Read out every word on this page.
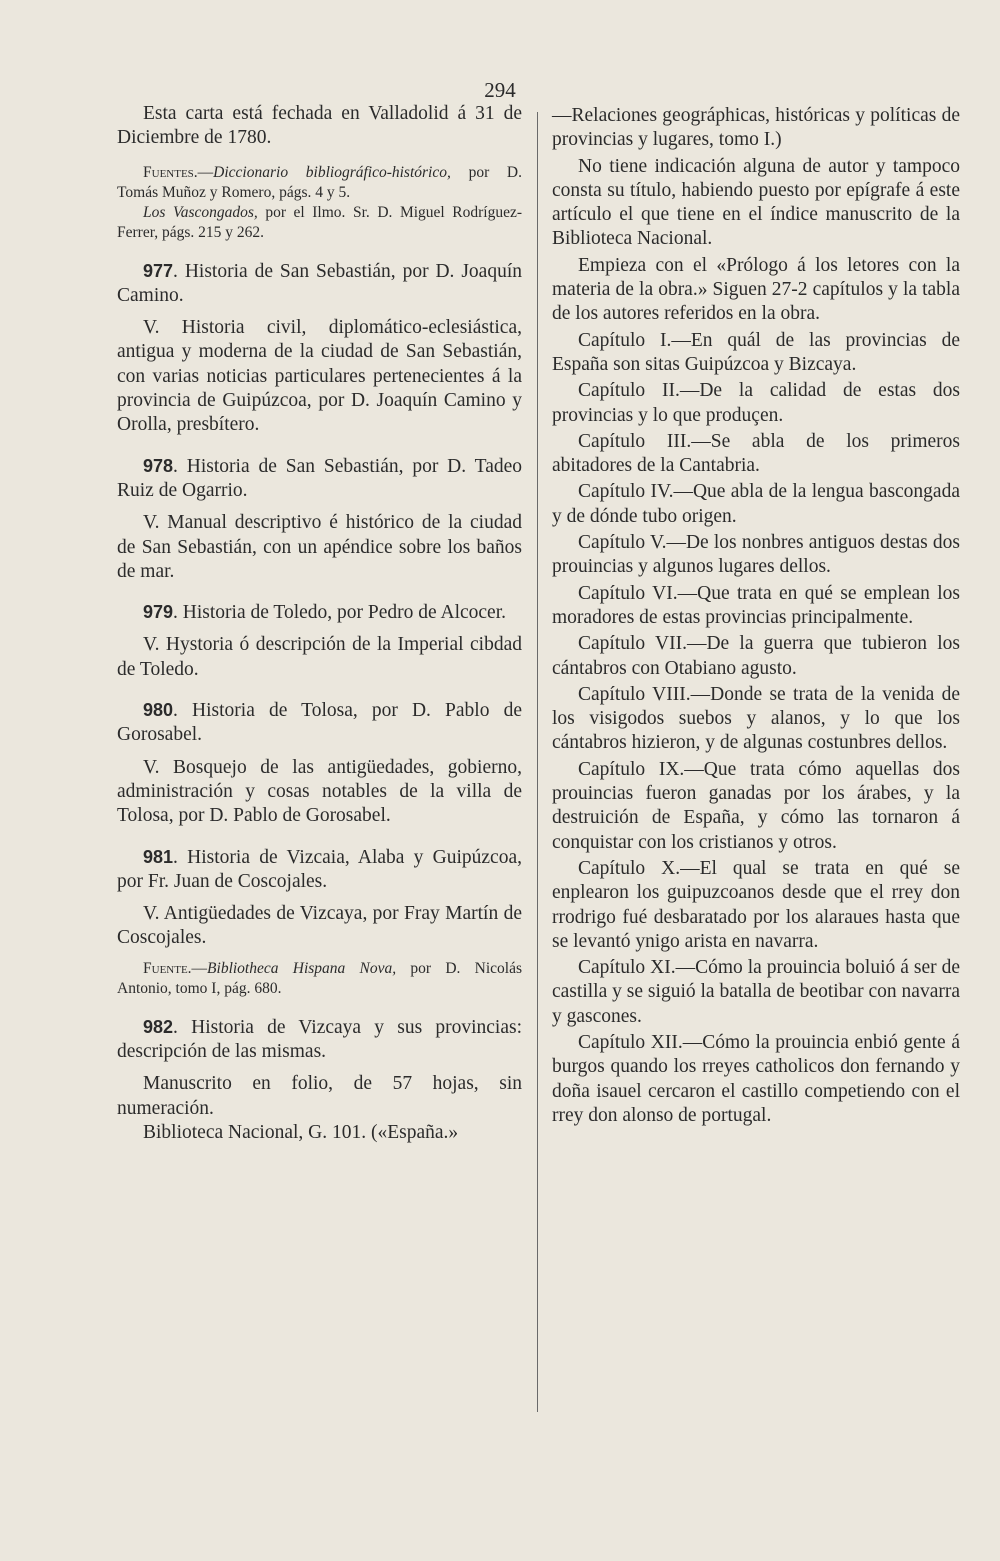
294

Esta carta está fechada en Valladolid á 31 de Diciembre de 1780.

Fuentes.—Diccionario bibliográfico-histórico, por D. Tomás Muñoz y Romero, págs. 4 y 5.

Los Vascongados, por el Ilmo. Sr. D. Miguel Rodríguez-Ferrer, págs. 215 y 262.

977. Historia de San Sebastián, por D. Joaquín Camino.

V. Historia civil, diplomático-eclesiástica, antigua y moderna de la ciudad de San Sebastián, con varias noticias particulares pertenecientes á la provincia de Guipúzcoa, por D. Joaquín Camino y Orolla, presbítero.

978. Historia de San Sebastián, por D. Tadeo Ruiz de Ogarrio.

V. Manual descriptivo é histórico de la ciudad de San Sebastián, con un apéndice sobre los baños de mar.

979. Historia de Toledo, por Pedro de Alcocer.

V. Hystoria ó descripción de la Imperial cibdad de Toledo.

980. Historia de Tolosa, por D. Pablo de Gorosabel.

V. Bosquejo de las antigüedades, gobierno, administración y cosas notables de la villa de Tolosa, por D. Pablo de Gorosabel.

981. Historia de Vizcaia, Alaba y Guipúzcoa, por Fr. Juan de Coscojales.

V. Antigüedades de Vizcaya, por Fray Martín de Coscojales.

Fuente.—Bibliotheca Hispana Nova, por D. Nicolás Antonio, tomo I, pág. 680.

982. Historia de Vizcaya y sus provincias: descripción de las mismas.

Manuscrito en folio, de 57 hojas, sin numeración.

Biblioteca Nacional, G. 101. («España.»

—Relaciones geográphicas, históricas y políticas de provincias y lugares, tomo I.)

No tiene indicación alguna de autor y tampoco consta su título, habiendo puesto por epígrafe á este artículo el que tiene en el índice manuscrito de la Biblioteca Nacional.

Empieza con el «Prólogo á los letores con la materia de la obra.» Siguen 27-2 capítulos y la tabla de los autores referidos en la obra.

Capítulo I.—En quál de las provincias de España son sitas Guipúzcoa y Bizcaya.

Capítulo II.—De la calidad de estas dos provincias y lo que produçen.

Capítulo III.—Se abla de los primeros abitadores de la Cantabria.

Capítulo IV.—Que abla de la lengua bascongada y de dónde tubo origen.

Capítulo V.—De los nonbres antiguos destas dos prouincias y algunos lugares dellos.

Capítulo VI.—Que trata en qué se emplean los moradores de estas provincias principalmente.

Capítulo VII.—De la guerra que tubieron los cántabros con Otabiano agusto.

Capítulo VIII.—Donde se trata de la venida de los visigodos suebos y alanos, y lo que los cántabros hizieron, y de algunas costunbres dellos.

Capítulo IX.—Que trata cómo aquellas dos prouincias fueron ganadas por los árabes, y la destruición de España, y cómo las tornaron á conquistar con los cristianos y otros.

Capítulo X.—El qual se trata en qué se enplearon los guipuzcoanos desde que el rrey don rrodrigo fué desbaratado por los alaraues hasta que se levantó ynigo arista en navarra.

Capítulo XI.—Cómo la prouincia boluió á ser de castilla y se siguió la batalla de beotibar con navarra y gascones.

Capítulo XII.—Cómo la prouincia enbió gente á burgos quando los rreyes catholicos don fernando y doña isauel cercaron el castillo competiendo con el rrey don alonso de portugal.
